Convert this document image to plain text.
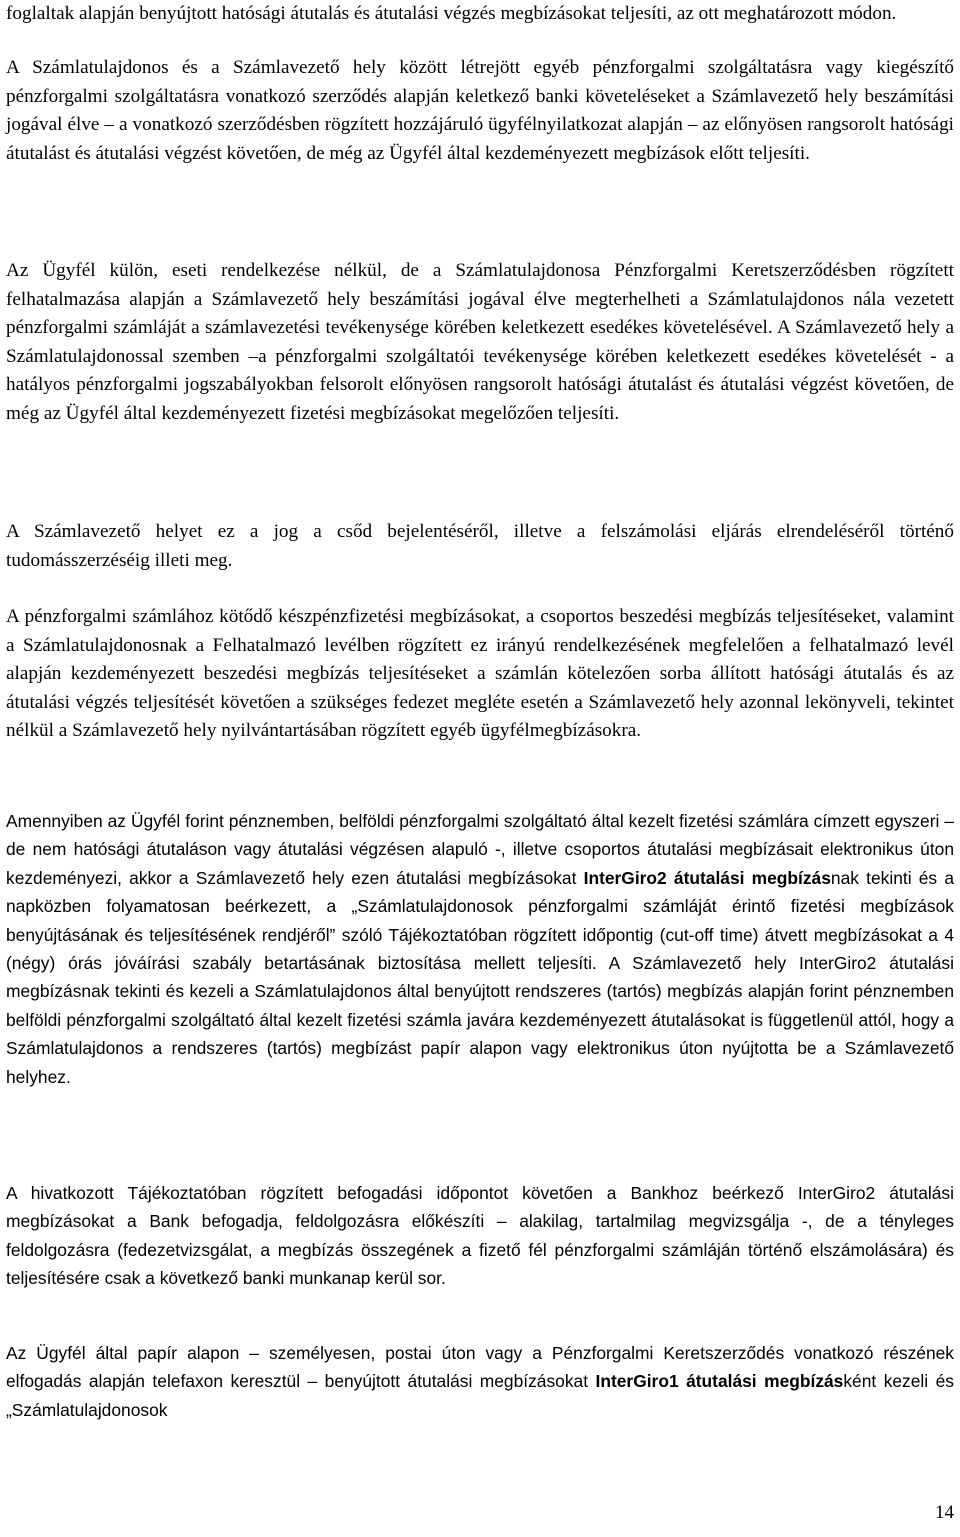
foglaltak alapján benyújtott hatósági átutalás és átutalási végzés megbízásokat teljesíti, az ott meghatározott módon.

A Számlatulajdonos és a Számlavezető hely között létrejött egyéb pénzforgalmi szolgáltatásra vagy kiegészítő pénzforgalmi szolgáltatásra vonatkozó szerződés alapján keletkező banki követeléseket a Számlavezető hely beszámítási jogával élve – a vonatkozó szerződésben rögzített hozzájáruló ügyfélnyilatkozat alapján – az előnyösen rangsorolt hatósági átutalást és átutalási végzést követően, de még az Ügyfél által kezdeményezett megbízások előtt teljesíti.

Az Ügyfél külön, eseti rendelkezése nélkül, de a Számlatulajdonosa Pénzforgalmi Keretszerződésben rögzített felhatalmazása alapján a Számlavezető hely beszámítási jogával élve megterhelheti a Számlatulajdonos nála vezetett pénzforgalmi számláját a számlavezetési tevékenysége körében keletkezett esedékes követelésével. A Számlavezető hely a Számlatulajdonossal szemben –a pénzforgalmi szolgáltatói tevékenysége körében keletkezett esedékes követelését - a hatályos pénzforgalmi jogszabályokban felsorolt előnyösen rangsorolt hatósági átutalást és átutalási végzést követően, de még az Ügyfél által kezdeményezett fizetési megbízásokat megelőzően teljesíti.

A Számlavezető helyet ez a jog a csőd bejelentéséről, illetve a felszámolási eljárás elrendeléséről történő tudomásszerzéséig illeti meg.

A pénzforgalmi számlához kötődő készpénzfizetési megbízásokat, a csoportos beszedési megbízás teljesítéseket, valamint a Számlatulajdonosnak a Felhatalmazó levélben rögzített ez irányú rendelkezésének megfelelően a felhatalmazó levél alapján kezdeményezett beszedési megbízás teljesítéseket a számlán kötelezően sorba állított hatósági átutalás és az átutalási végzés teljesítését követően a szükséges fedezet megléte esetén a Számlavezető hely azonnal lekönyveli, tekintet nélkül a Számlavezető hely nyilvántartásában rögzített egyéb ügyfélmegbízásokra.

Amennyiben az Ügyfél forint pénznemben, belföldi pénzforgalmi szolgáltató által kezelt fizetési számlára címzett egyszeri – de nem hatósági átutaláson vagy átutalási végzésen alapuló -, illetve csoportos átutalási megbízásait elektronikus úton kezdeményezi, akkor a Számlavezető hely ezen átutalási megbízásokat InterGiro2 átutalási megbízásnak tekinti és a napközben folyamatosan beérkezett, a „Számlatulajdonosok pénzforgalmi számláját érintő fizetési megbízások benyújtásának és teljesítésének rendjéről” szóló Tájékoztatóban rögzített időpontig (cut-off time) átvett megbízásokat a 4 (négy) órás jóváírási szabály betartásának biztosítása mellett teljesíti. A Számlavezető hely InterGiro2 átutalási megbízásnak tekinti és kezeli a Számlatulajdonos által benyújtott rendszeres (tartós) megbízás alapján forint pénznemben belföldi pénzforgalmi szolgáltató által kezelt fizetési számla javára kezdeményezett átutalásokat is függetlenül attól, hogy a Számlatulajdonos a rendszeres (tartós) megbízást papír alapon vagy elektronikus úton nyújtotta be a Számlavezető helyhez.

A hivatkozott Tájékoztatóban rögzített befogadási időpontot követően a Bankhoz beérkező InterGiro2 átutalási megbízásokat a Bank befogadja, feldolgozásra előkészíti – alakilag, tartalmilag megvizsgálja -, de a tényleges feldolgozásra (fedezetvizsgálat, a megbízás összegének a fizető fél pénzforgalmi számláján történő elszámolására) és teljesítésére csak a következő banki munkanap kerül sor.

Az Ügyfél által papír alapon – személyesen, postai úton vagy a Pénzforgalmi Keretszerződés vonatkozó részének elfogadás alapján telefaxon keresztül – benyújtott átutalási megbízásokat InterGiro1 átutalási megbízásként kezeli és „Számlatulajdonosok

14
